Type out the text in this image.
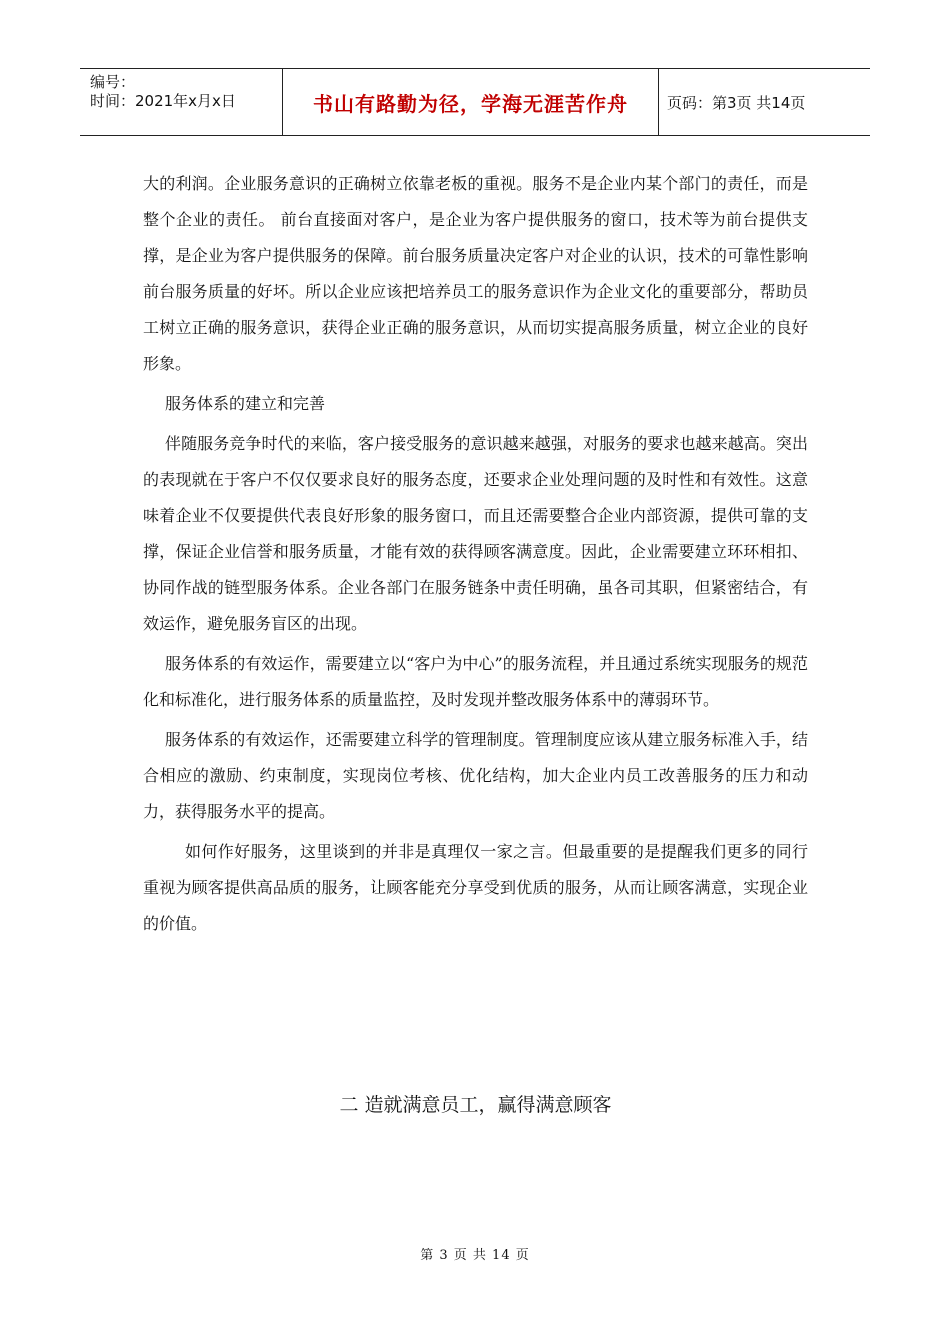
编号：
时间：2021年x月x日	书山有路勤为径，学海无涯苦作舟	页码：第3页 共14页

大的利润。企业服务意识的正确树立依靠老板的重视。服务不是企业内某个部门的责任，而是整个企业的责任。 前台直接面对客户，是企业为客户提供服务的窗口，技术等为前台提供支撑，是企业为客户提供服务的保障。前台服务质量决定客户对企业的认识，技术的可靠性影响前台服务质量的好坏。所以企业应该把培养员工的服务意识作为企业文化的重要部分，帮助员工树立正确的服务意识，获得企业正确的服务意识，从而切实提高服务质量，树立企业的良好形象。

服务体系的建立和完善

伴随服务竞争时代的来临，客户接受服务的意识越来越强，对服务的要求也越来越高。突出的表现就在于客户不仅仅要求良好的服务态度，还要求企业处理问题的及时性和有效性。这意味着企业不仅要提供代表良好形象的服务窗口，而且还需要整合企业内部资源，提供可靠的支撑，保证企业信誉和服务质量，才能有效的获得顾客满意度。因此，企业需要建立环环相扣、协同作战的链型服务体系。企业各部门在服务链条中责任明确，虽各司其职，但紧密结合，有效运作，避免服务盲区的出现。

服务体系的有效运作，需要建立以“客户为中心”的服务流程，并且通过系统实现服务的规范化和标准化，进行服务体系的质量监控，及时发现并整改服务体系中的薄弱环节。

服务体系的有效运作，还需要建立科学的管理制度。管理制度应该从建立服务标准入手，结合相应的激励、约束制度，实现岗位考核、优化结构，加大企业内员工改善服务的压力和动力，获得服务水平的提高。

如何作好服务，这里谈到的并非是真理仅一家之言。但最重要的是提醒我们更多的同行重视为顾客提供高品质的服务，让顾客能充分享受到优质的服务，从而让顾客满意，实现企业的价值。

二 造就满意员工，赢得满意顾客
第 3 页 共 14 页
